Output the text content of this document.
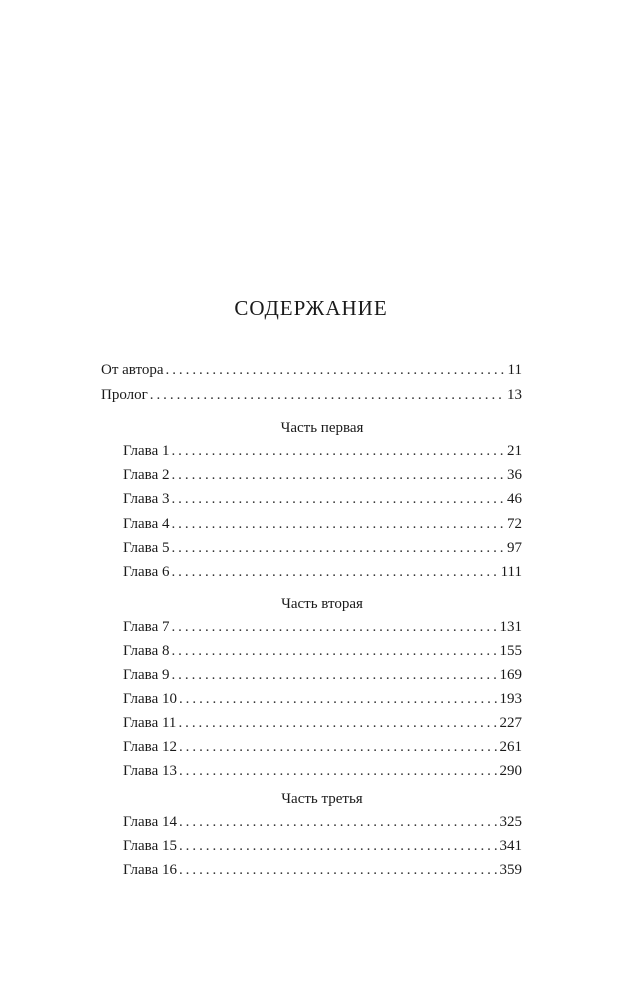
СОДЕРЖАНИЕ
От автора . . .	11
Пролог . . .	13
Часть первая
Глава 1 . . .	21
Глава 2 . . .	36
Глава 3 . . .	46
Глава 4 . . .	72
Глава 5 . . .	97
Глава 6 . . .	111
Часть вторая
Глава 7 . . .	131
Глава 8 . . .	155
Глава 9 . . .	169
Глава 10 . . .	193
Глава 11 . . .	227
Глава 12 . . .	261
Глава 13 . . .	290
Часть третья
Глава 14 . . .	325
Глава 15 . . .	341
Глава 16 . . .	359
